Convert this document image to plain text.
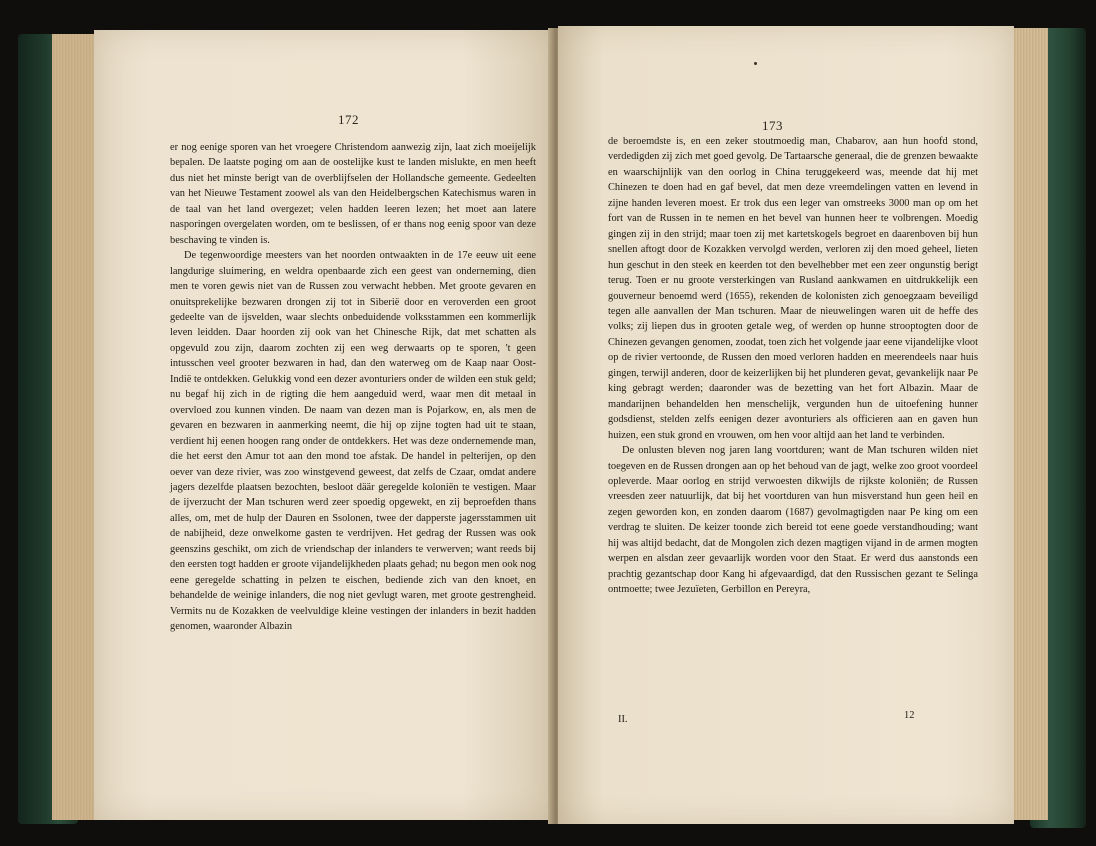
172

er nog eenige sporen van het vroegere Christendom aanwezig zijn, laat zich moeijelijk bepalen. De laatste poging om aan de oostelijke kust te landen mislukte, en men heeft dus niet het minste berigt van de overblijfselen der Hollandsche gemeente. Gedeelten van het Nieuwe Testament zoowel als van den Heidelbergschen Katechismus waren in de taal van het land overgezet; velen hadden leeren lezen; het moet aan latere nasporingen overgelaten worden, om te beslissen, of er thans nog eenig spoor van deze beschaving te vinden is.

De tegenwoordige meesters van het noorden ontwaakten in de 17e eeuw uit eene langdurige sluimering, en weldra openbaarde zich een geest van onderneming, dien men te voren gewis niet van de Russen zou verwacht hebben. Met groote gevaren en onuitsprekelijke bezwaren drongen zij tot in Siberië door en veroverden een groot gedeelte van de ijsvelden, waar slechts onbeduidende volksstammen een kommerlijk leven leidden. Daar hoorden zij ook van het Chinesche Rijk, dat met schatten als opgevuld zou zijn, daarom zochten zij een weg derwaarts op te sporen, 't geen intusschen veel grooter bezwaren in had, dan den waterweg om de Kaap naar Oost-Indië te ontdekken. Gelukkig vond een dezer avonturiers onder de wilden een stuk geld; nu begaf hij zich in de rigting die hem aangeduid werd, waar men dit metaal in overvloed zou kunnen vinden. De naam van dezen man is Pojarkow, en, als men de gevaren en bezwaren in aanmerking neemt, die hij op zijne togten had uit te staan, verdient hij eenen hoogen rang onder de ontdekkers. Het was deze ondernemende man, die het eerst den Amur tot aan den mond toe afstak. De handel in pelterijen, op den oever van deze rivier, was zoo winstgevend geweest, dat zelfs de Czaar, omdat andere jagers dezelfde plaatsen bezochten, besloot däär geregelde koloniën te vestigen. Maar de ijverzucht der Man tschuren werd zeer spoedig opgewekt, en zij beproefden thans alles, om, met de hulp der Dauren en Ssolonen, twee der dapperste jagersstammen uit de nabijheid, deze onwelkome gasten te verdrijven. Het gedrag der Russen was ook geenszins geschikt, om zich de vriendschap der inlanders te verwerven; want reeds bij den eersten togt hadden er groote vijandelijkheden plaats gehad; nu begon men ook nog eene geregelde schatting in pelzen te eischen, bediende zich van den knoet, en behandelde de weinige inlanders, die nog niet gevlugt waren, met groote gestrengheid. Vermits nu de Kozakken de veelvuldige kleine vestingen der inlanders in bezit hadden genomen, waaronder Albazin

173

de beroemdste is, en een zeker stoutmoedig man, Chabarov, aan hun hoofd stond, verdedigden zij zich met goed gevolg. De Tartaarsche generaal, die de grenzen bewaakte en waarschijnlijk van den oorlog in China teruggekeerd was, meende dat hij met Chinezen te doen had en gaf bevel, dat men deze vreemdelingen vatten en levend in zijne handen leveren moest. Er trok dus een leger van omstreeks 3000 man op om het fort van de Russen in te nemen en het bevel van hunnen heer te volbrengen. Moedig gingen zij in den strijd; maar toen zij met kartetskogels begroet en daarenboven bij hun snellen aftogt door de Kozakken vervolgd werden, verloren zij den moed geheel, lieten hun geschut in den steek en keerden tot den bevelhebber met een zeer ongunstig berigt terug. Toen er nu groote versterkingen van Rusland aankwamen en uitdrukkelijk een gouverneur benoemd werd (1655), rekenden de kolonisten zich genoegzaam beveiligd tegen alle aanvallen der Man tschuren. Maar de nieuwelingen waren uit de heffe des volks; zij liepen dus in grooten getale weg, of werden op hunne strooptogten door de Chinezen gevangen genomen, zoodat, toen zich het volgende jaar eene vijandelijke vloot op de rivier vertoonde, de Russen den moed verloren hadden en meerendeels naar huis gingen, terwijl anderen, door de keizerlijken bij het plunderen gevat, gevankelijk naar Pe king gebragt werden; daaronder was de bezetting van het fort Albazin. Maar de mandarijnen behandelden hen menschelijk, vergunden hun de uitoefening hunner godsdienst, stelden zelfs eenigen dezer avonturiers als officieren aan en gaven hun huizen, een stuk grond en vrouwen, om hen voor altijd aan het land te verbinden.

De onlusten bleven nog jaren lang voortduren; want de Man tschuren wilden niet toegeven en de Russen drongen aan op het behoud van de jagt, welke zoo groot voordeel opleverde. Maar oorlog en strijd verwoesten dikwijls de rijkste koloniën; de Russen vreesden zeer natuurlijk, dat bij het voortduren van hun misverstand hun geen heil en zegen geworden kon, en zonden daarom (1687) gevolmagtigden naar Pe king om een verdrag te sluiten. De keizer toonde zich bereid tot eene goede verstandhouding; want hij was altijd bedacht, dat de Mongolen zich dezen magtigen vijand in de armen mogten werpen en alsdan zeer gevaarlijk worden voor den Staat. Er werd dus aanstonds een prachtig gezantschap door Kang hi afgevaardigd, dat den Russischen gezant te Selinga ontmoette; twee Jezuïeten, Gerbillon en Pereyra,

II.	12
